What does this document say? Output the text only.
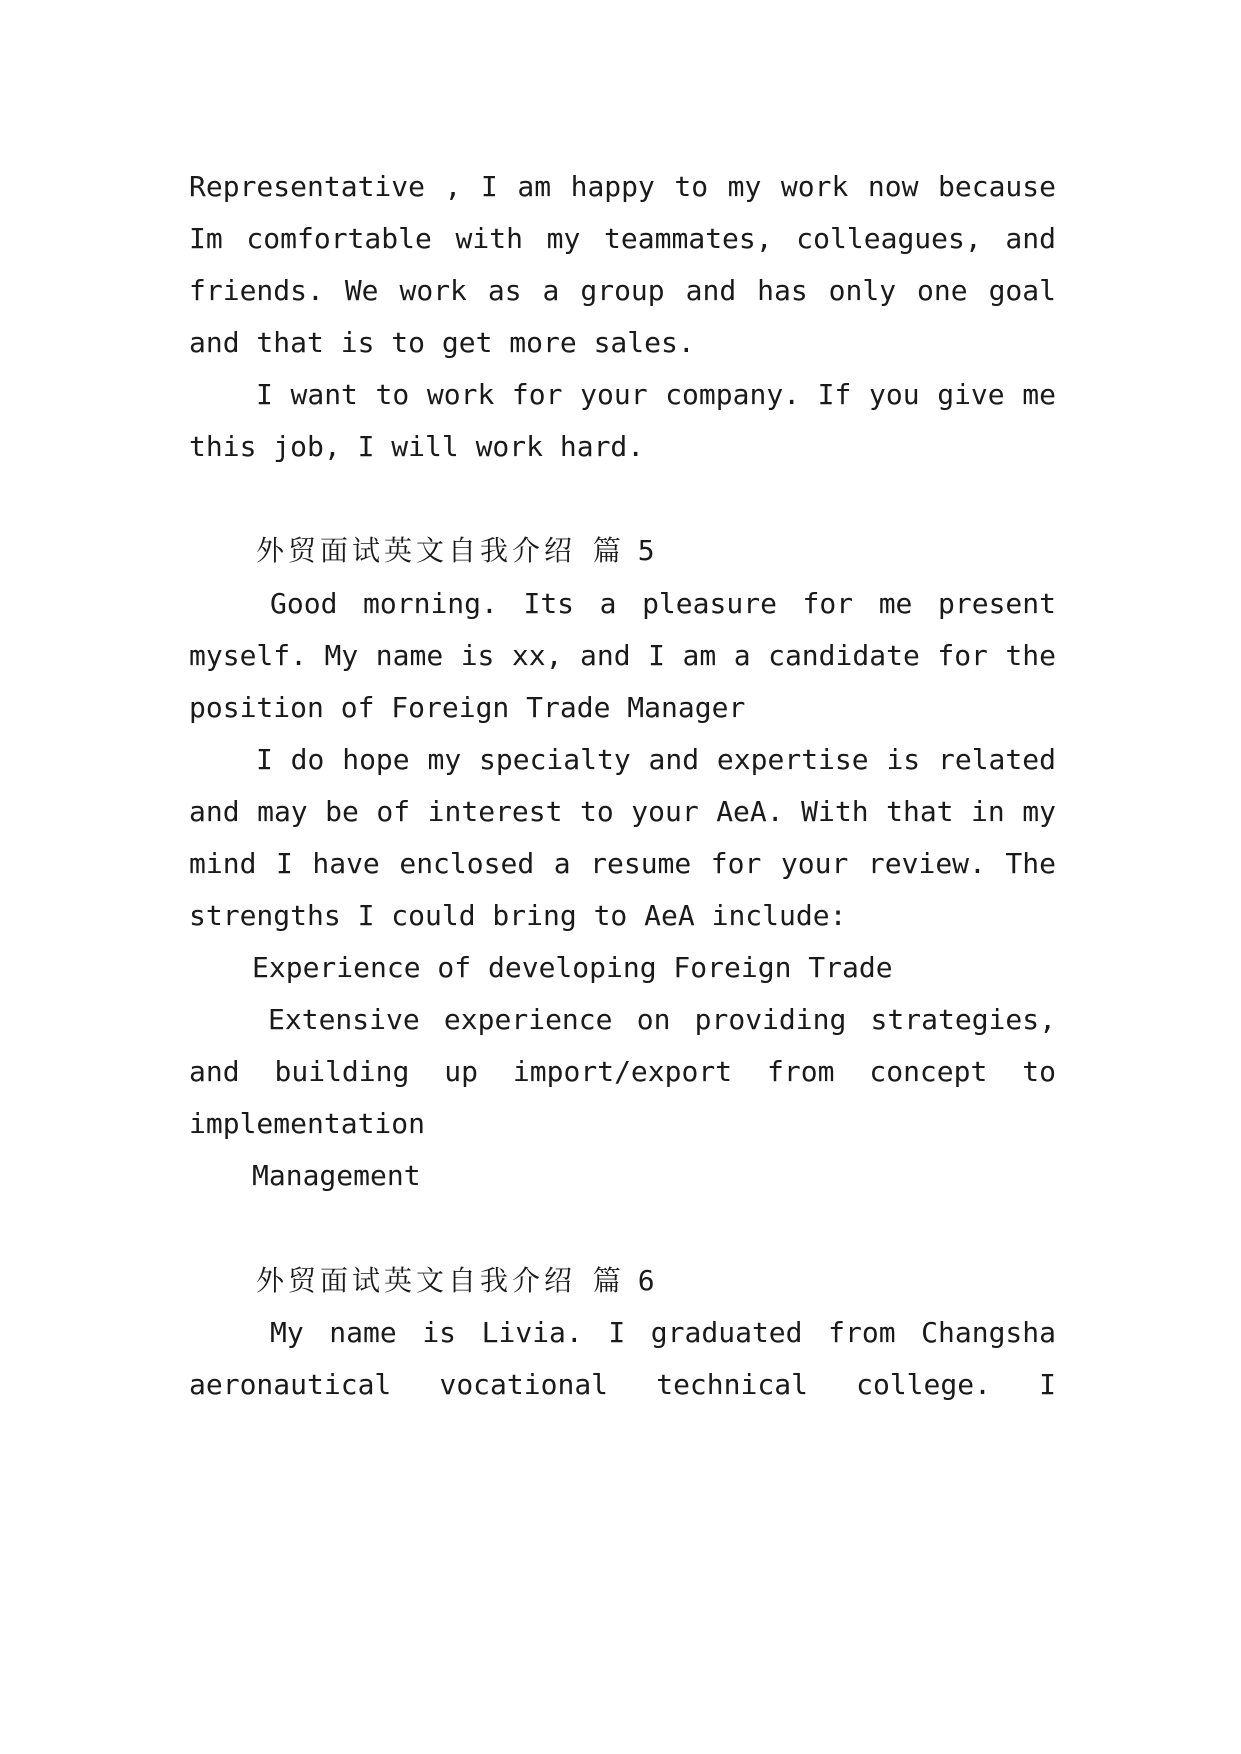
Representative , I am happy to my work now because
Im comfortable with my teammates, colleagues, and
friends. We work as a group and has only one goal
and that is to get more sales.
I want to work for your company. If you give me
this job, I will work hard.
外贸面试英文自我介绍 篇 5
Good morning. Its a pleasure for me present
myself. My name is xx, and I am a candidate for the
position of Foreign Trade Manager
I do hope my specialty and expertise is related
and may be of interest to your AeA. With that in my
mind I have enclosed a resume for your review. The
strengths I could bring to AeA include:
Experience of developing Foreign Trade
Extensive experience on providing strategies,
and building up import/export from concept to
implementation
Management
外贸面试英文自我介绍 篇 6
My name is Livia. I graduated from Changsha
aeronautical vocational technical college. I
